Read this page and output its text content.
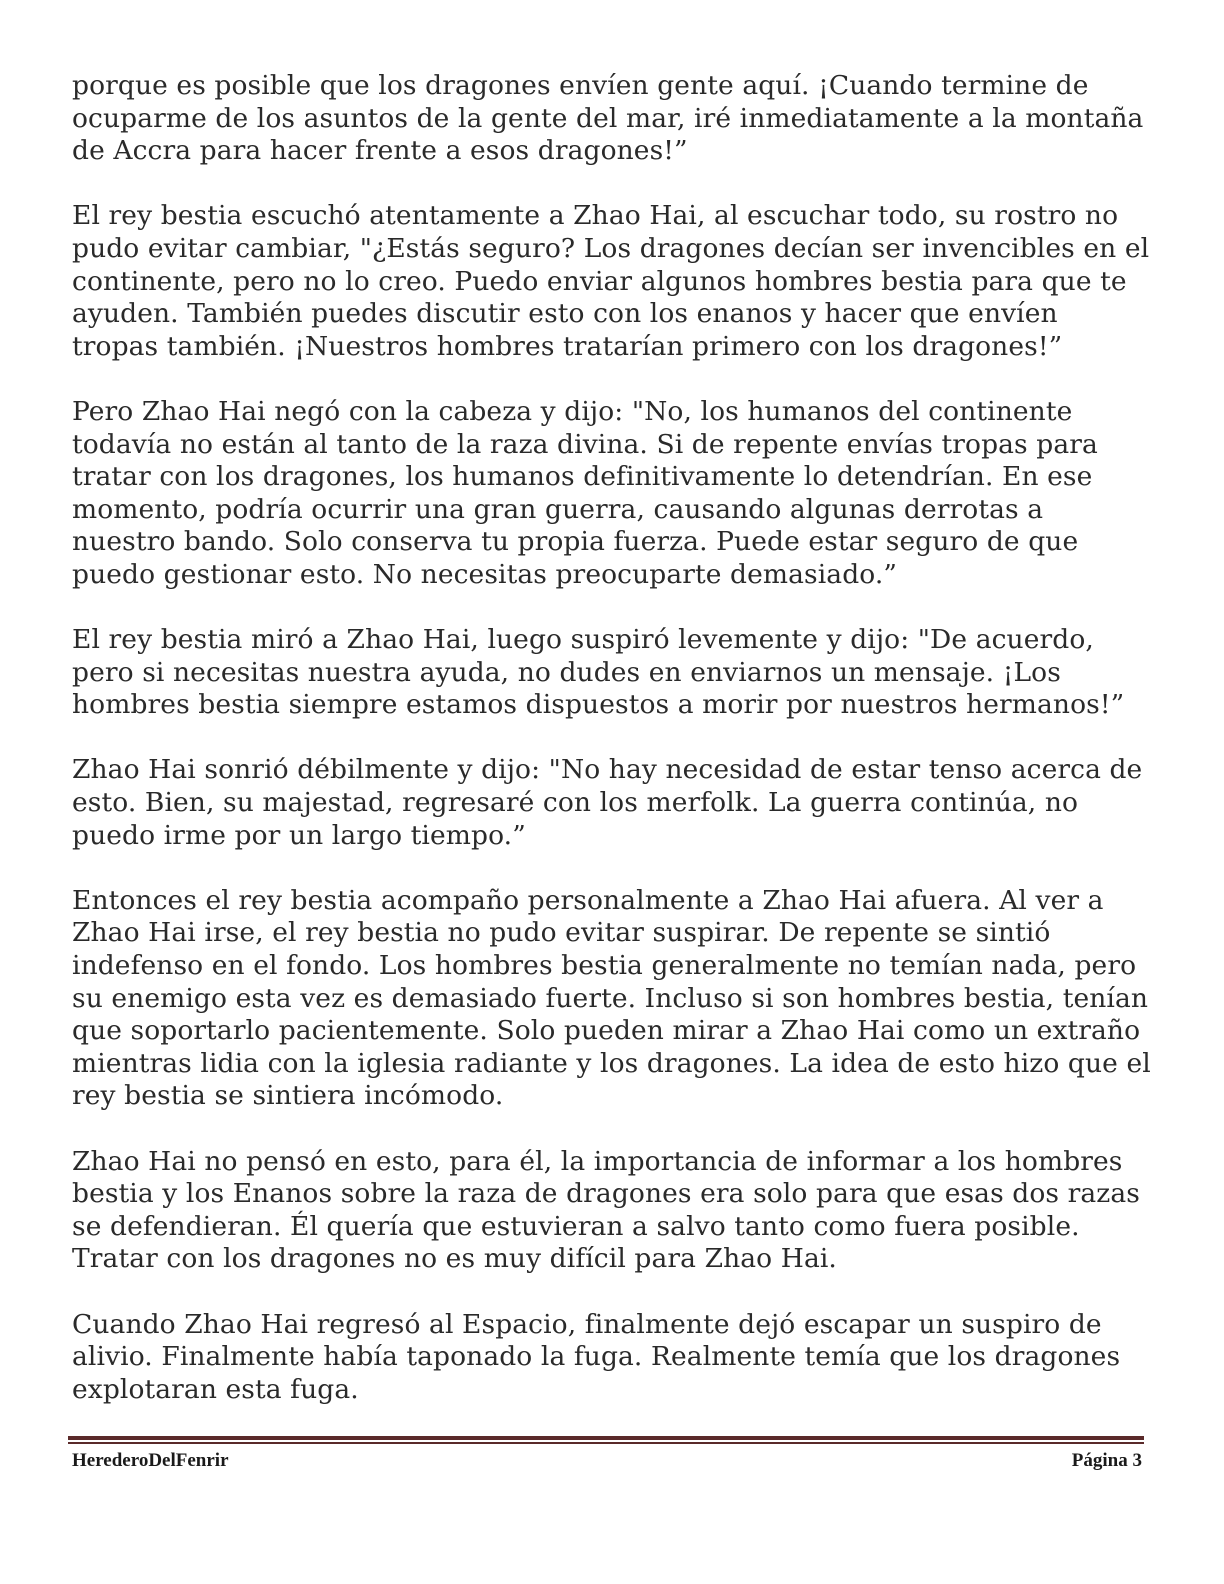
porque es posible que los dragones envíen gente aquí. ¡Cuando termine de ocuparme de los asuntos de la gente del mar, iré inmediatamente a la montaña de Accra para hacer frente a esos dragones!”

El rey bestia escuchó atentamente a Zhao Hai, al escuchar todo, su rostro no pudo evitar cambiar, "¿Estás seguro? Los dragones decían ser invencibles en el continente, pero no lo creo. Puedo enviar algunos hombres bestia para que te ayuden. También puedes discutir esto con los enanos y hacer que envíen tropas también. ¡Nuestros hombres tratarían primero con los dragones!”

Pero Zhao Hai negó con la cabeza y dijo: "No, los humanos del continente todavía no están al tanto de la raza divina. Si de repente envías tropas para tratar con los dragones, los humanos definitivamente lo detendrían. En ese momento, podría ocurrir una gran guerra, causando algunas derrotas a nuestro bando. Solo conserva tu propia fuerza. Puede estar seguro de que puedo gestionar esto. No necesitas preocuparte demasiado.”

El rey bestia miró a Zhao Hai, luego suspiró levemente y dijo: "De acuerdo, pero si necesitas nuestra ayuda, no dudes en enviarnos un mensaje. ¡Los hombres bestia siempre estamos dispuestos a morir por nuestros hermanos!”

Zhao Hai sonrió débilmente y dijo: "No hay necesidad de estar tenso acerca de esto. Bien, su majestad, regresaré con los merfolk. La guerra continúa, no puedo irme por un largo tiempo.”

Entonces el rey bestia acompaño personalmente a Zhao Hai afuera. Al ver a Zhao Hai irse, el rey bestia no pudo evitar suspirar. De repente se sintió indefenso en el fondo. Los hombres bestia generalmente no temían nada, pero su enemigo esta vez es demasiado fuerte. Incluso si son hombres bestia, tenían que soportarlo pacientemente. Solo pueden mirar a Zhao Hai como un extraño mientras lidia con la iglesia radiante y los dragones. La idea de esto hizo que el rey bestia se sintiera incómodo.

Zhao Hai no pensó en esto, para él, la importancia de informar a los hombres bestia y los Enanos sobre la raza de dragones era solo para que esas dos razas se defendieran. Él quería que estuvieran a salvo tanto como fuera posible. Tratar con los dragones no es muy difícil para Zhao Hai.

Cuando Zhao Hai regresó al Espacio, finalmente dejó escapar un suspiro de alivio. Finalmente había taponado la fuga. Realmente temía que los dragones explotaran esta fuga.

HerederoDelFenrir	Página 3
